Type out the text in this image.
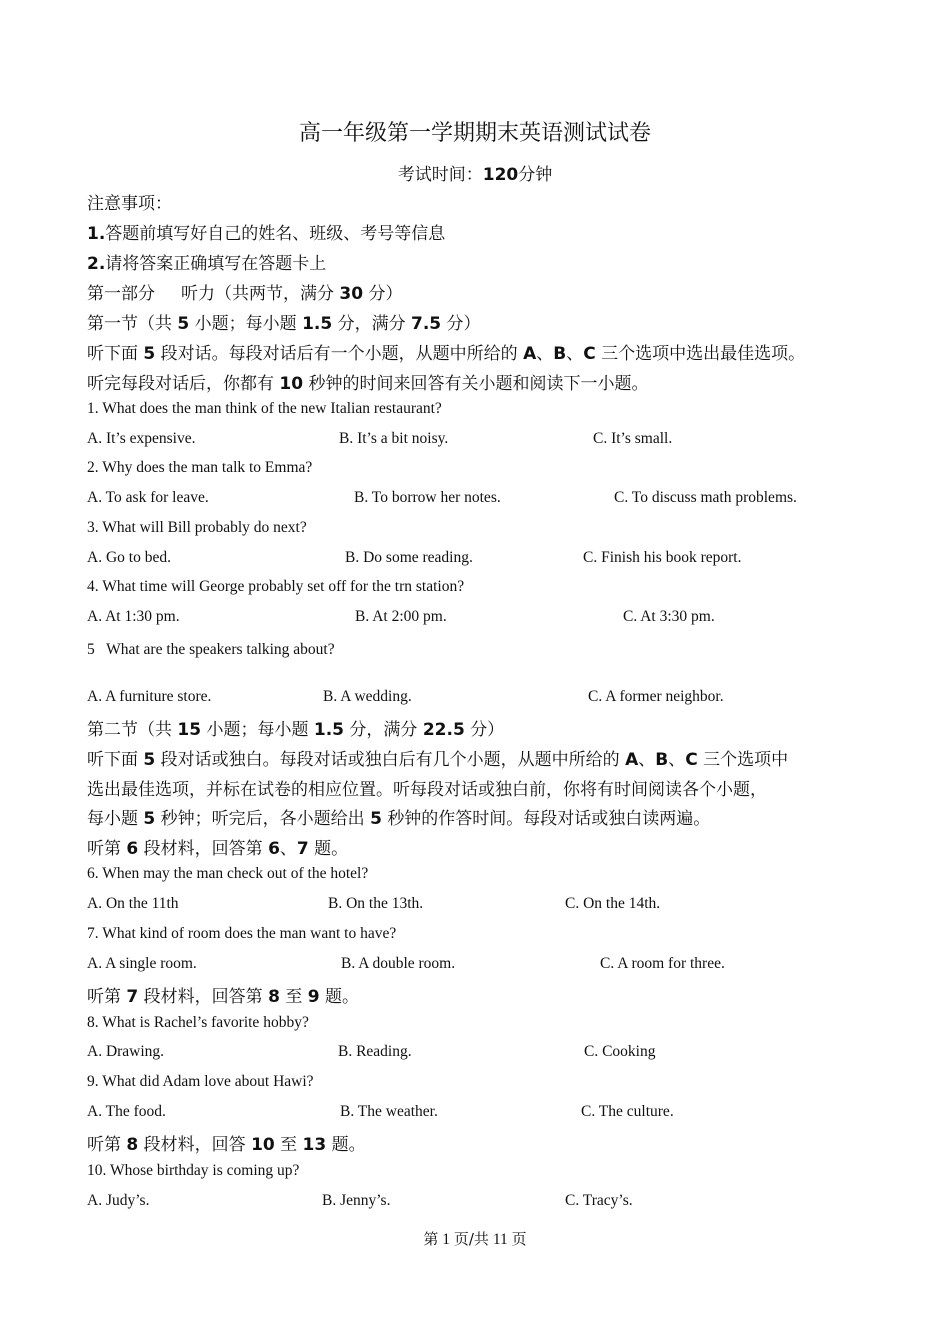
高一年级第一学期期末英语测试试卷
考试时间：120分钟
注意事项：
1.答题前填写好自己的姓名、班级、考号等信息
2.请将答案正确填写在答题卡上
第一部分 听力（共两节，满分 30 分）
第一节（共 5 小题；每小题 1.5 分，满分 7.5 分）
听下面 5 段对话。每段对话后有一个小题，从题中所给的 A、B、C 三个选项中选出最佳选项。
听完每段对话后，你都有 10 秒钟的时间来回答有关小题和阅读下一小题。
1. What does the man think of the new Italian restaurant?
A. It’s expensive.	B. It’s a bit noisy.	C. It’s small.
2. Why does the man talk to Emma?
A. To ask for leave.	B. To borrow her notes.	C. To discuss math problems.
3. What will Bill probably do next?
A. Go to bed.	B. Do some reading.	C. Finish his book report.
4. What time will George probably set off for the trn station?
A. At 1:30 pm.	B. At 2:00 pm.	C. At 3:30 pm.
5   What are the speakers talking about?
A. A furniture store.	B. A wedding.	C. A former neighbor.
第二节（共 15 小题；每小题 1.5 分，满分 22.5 分）
听下面 5 段对话或独白。每段对话或独白后有几个小题，从题中所给的 A、B、C 三个选项中
选出最佳选项，并标在试卷的相应位置。听每段对话或独白前，你将有时间阅读各个小题，
每小题 5 秒钟；听完后，各小题给出 5 秒钟的作答时间。每段对话或独白读两遍。
听第 6 段材料，回答第 6、7 题。
6. When may the man check out of the hotel?
A. On the 11th	B. On the 13th.	C. On the 14th.
7. What kind of room does the man want to have?
A. A single room.	B. A double room.	C. A room for three.
听第 7 段材料，回答第 8 至 9 题。
8. What is Rachel’s favorite hobby?
A. Drawing.	B. Reading.	C. Cooking
9. What did Adam love about Hawi?
A. The food.	B. The weather.	C. The culture.
听第 8 段材料，回答 10 至 13 题。
10. Whose birthday is coming up?
A. Judy’s.	B. Jenny’s.	C. Tracy’s.
第 1 页/共 11 页
